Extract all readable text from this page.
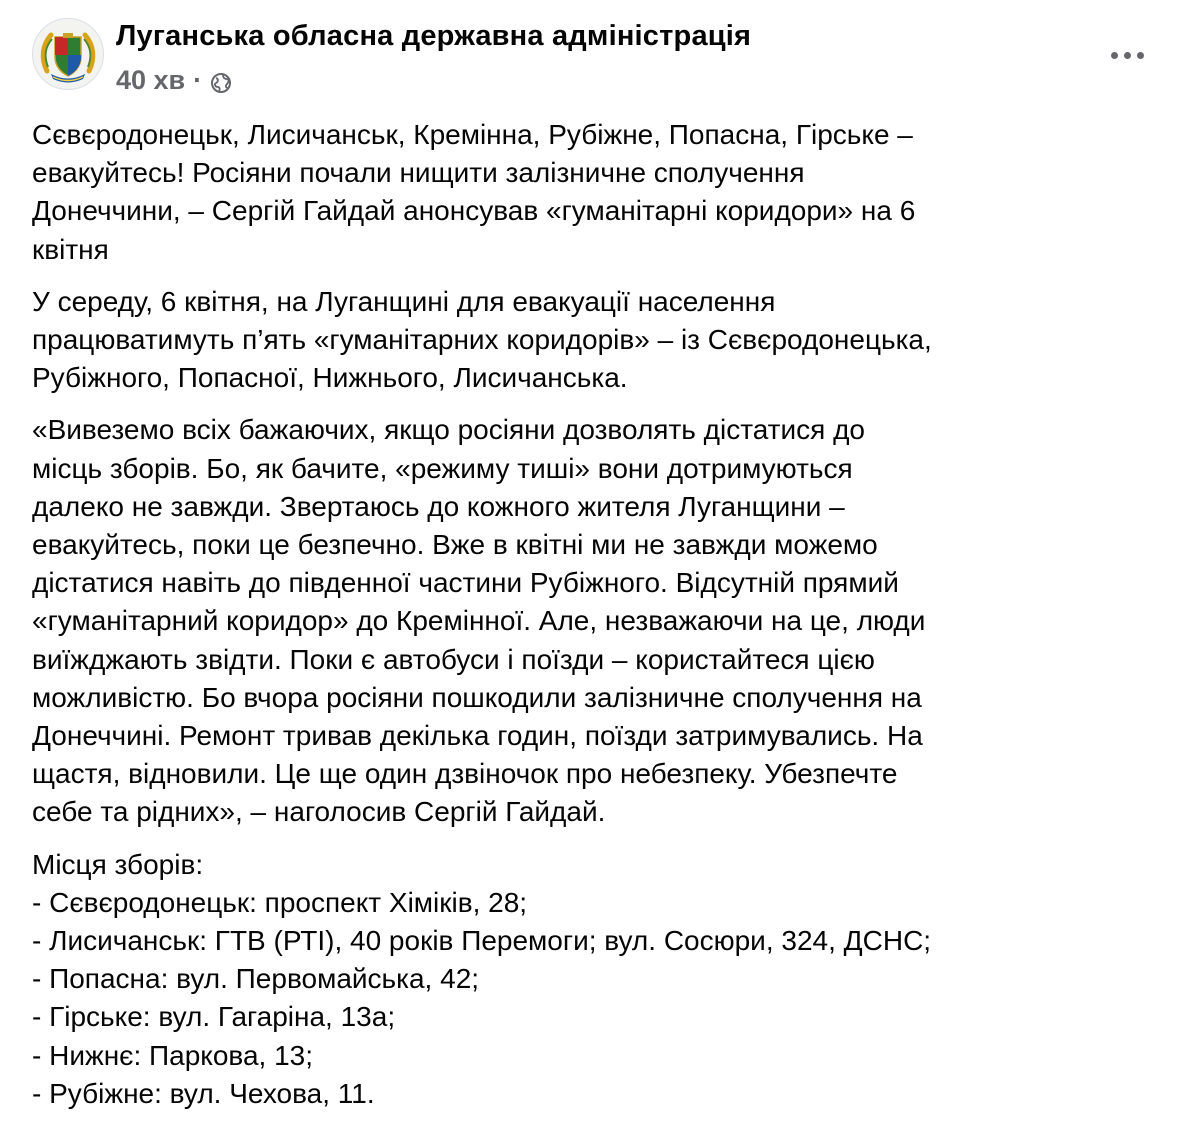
Луганська обласна державна адміністрація
40 хв ·

Сєвєродонецьк, Лисичанськ, Кремінна, Рубіжне, Попасна, Гірське –
евакуйтесь! Росіяни почали нищити залізничне сполучення
Донеччини, – Сергій Гайдай анонсував «гуманітарні коридори» на 6
квітня

У середу, 6 квітня, на Луганщині для евакуації населення
працюватимуть п’ять «гуманітарних коридорів» – із Сєвєродонецька,
Рубіжного, Попасної, Нижнього, Лисичанська.

«Вивеземо всіх бажаючих, якщо росіяни дозволять дістатися до
місць зборів. Бо, як бачите, «режиму тиші» вони дотримуються
далеко не завжди. Звертаюсь до кожного жителя Луганщини –
евакуйтесь, поки це безпечно. Вже в квітні ми не завжди можемо
дістатися навіть до південної частини Рубіжного. Відсутній прямий
«гуманітарний коридор» до Кремінної. Але, незважаючи на це, люди
виїжджають звідти. Поки є автобуси і поїзди – користайтеся цією
можливістю. Бо вчора росіяни пошкодили залізничне сполучення на
Донеччині. Ремонт тривав декілька годин, поїзди затримувались. На
щастя, відновили. Це ще один дзвіночок про небезпеку. Убезпечте
себе та рідних», – наголосив Сергій Гайдай.

Місця зборів:
- Сєвєродонецьк: проспект Хіміків, 28;
- Лисичанськ: ГТВ (РТІ), 40 років Перемоги; вул. Сосюри, 324, ДСНС;
- Попасна: вул. Первомайська, 42;
- Гірське: вул. Гагаріна, 13а;
- Нижнє: Паркова, 13;
- Рубіжне: вул. Чехова, 11.
